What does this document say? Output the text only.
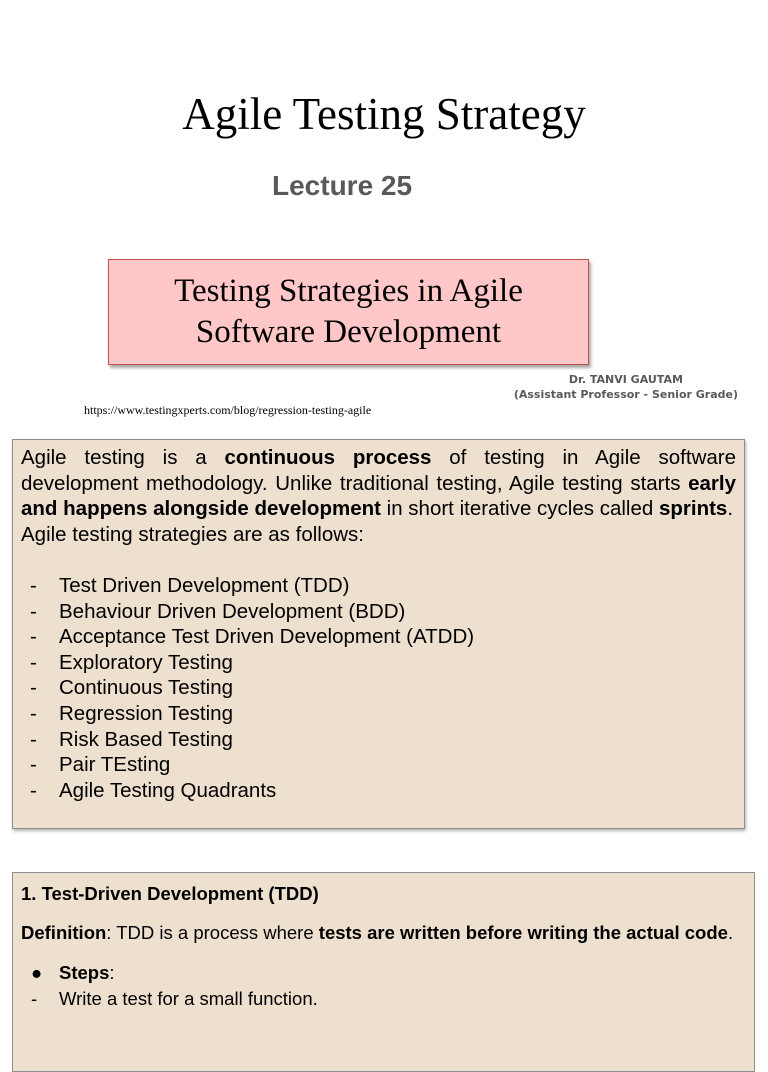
Agile Testing Strategy
Lecture 25
Testing Strategies in Agile
Software Development
Dr. TANVI GAUTAM
(Assistant Professor - Senior Grade)
https://www.testingxperts.com/blog/regression-testing-agile

Agile testing is a continuous process of testing in Agile software development methodology. Unlike traditional testing, Agile testing starts early and happens alongside development in short iterative cycles called sprints.

Agile testing strategies are as follows:

- Test Driven Development (TDD)
- Behaviour Driven Development (BDD)
- Acceptance Test Driven Development (ATDD)
- Exploratory Testing
- Continuous Testing
- Regression Testing
- Risk Based Testing
- Pair TEsting
- Agile Testing Quadrants

1. Test-Driven Development (TDD)

Definition: TDD is a process where tests are written before writing the actual code.

● Steps:

- Write a test for a small function.
